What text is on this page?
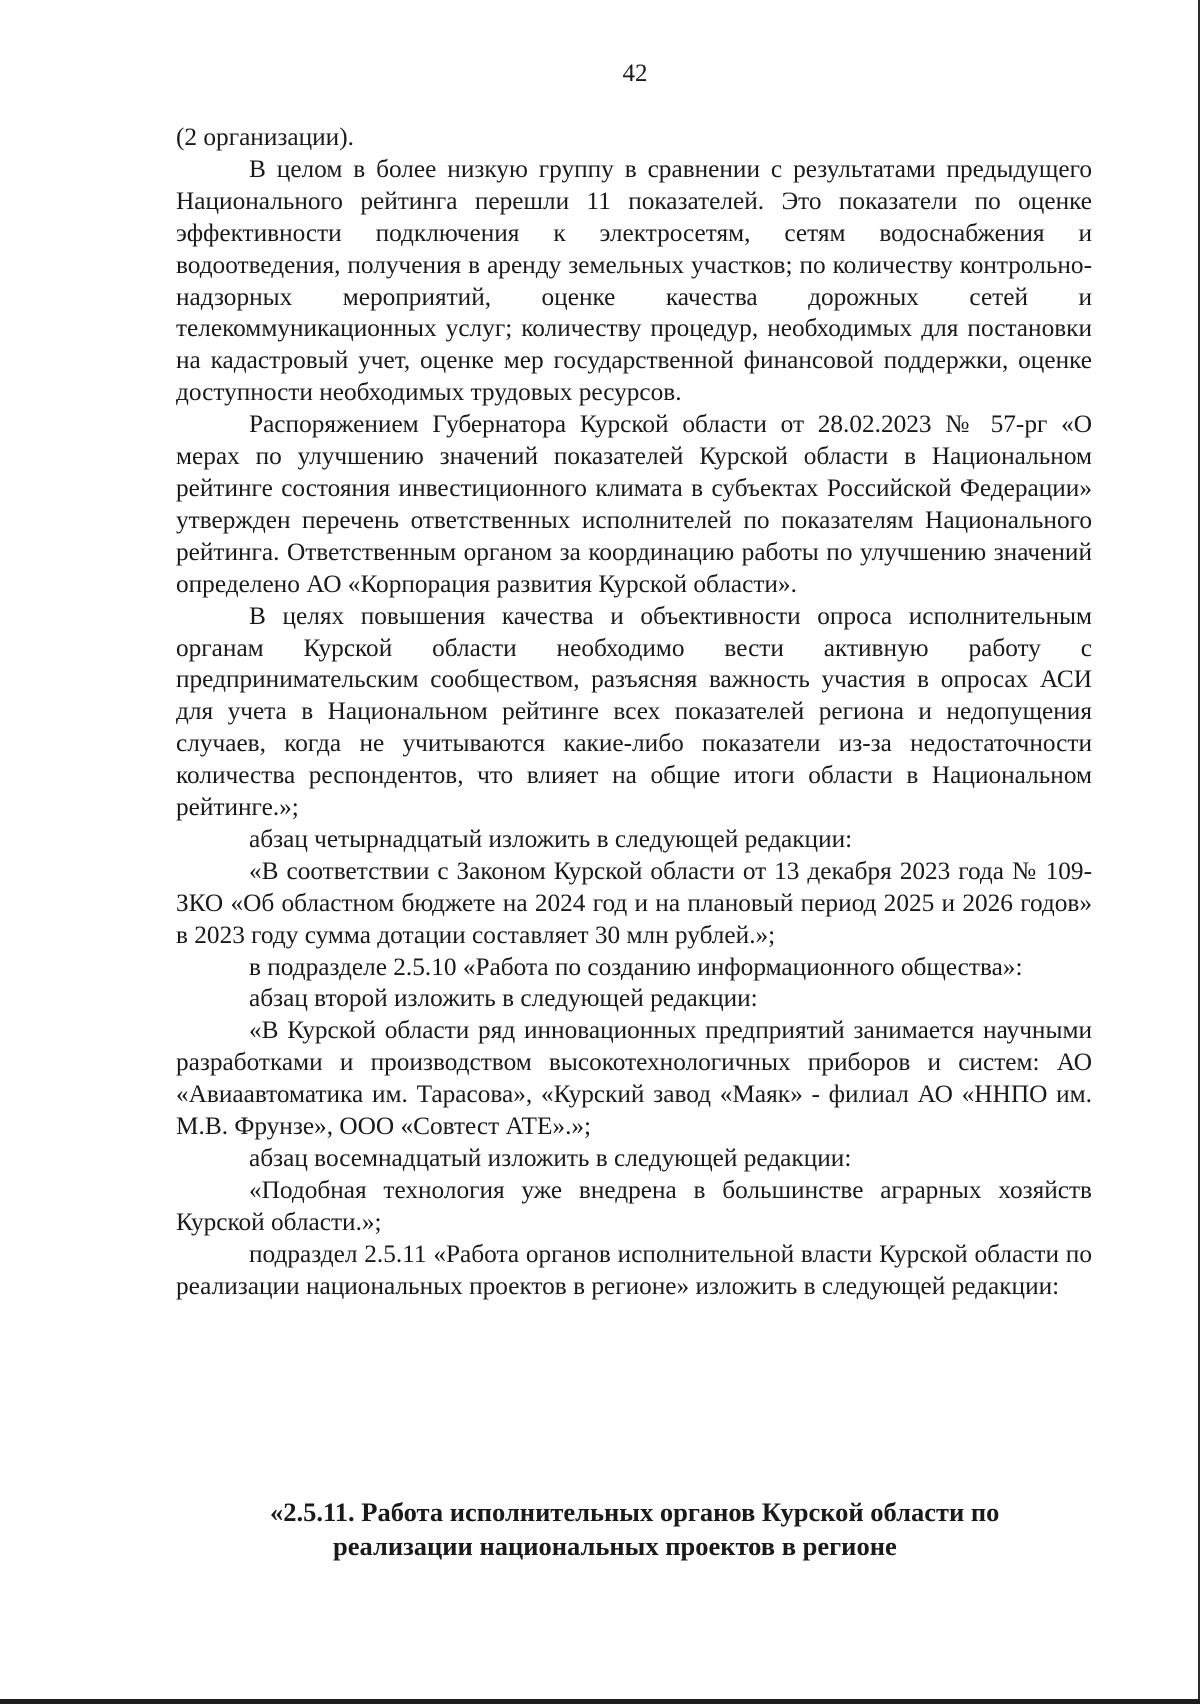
42

(2 организации).

В целом в более низкую группу в сравнении с результатами предыдущего Национального рейтинга перешли 11 показателей. Это показатели по оценке эффективности подключения к электросетям, сетям водоснабжения и водоотведения, получения в аренду земельных участков; по количеству контрольно-надзорных мероприятий, оценке качества дорожных сетей и телекоммуникационных услуг; количеству процедур, необходимых для постановки на кадастровый учет, оценке мер государственной финансовой поддержки, оценке доступности необходимых трудовых ресурсов.

Распоряжением Губернатора Курской области от 28.02.2023 № 57-рг «О мерах по улучшению значений показателей Курской области в Национальном рейтинге состояния инвестиционного климата в субъектах Российской Федерации» утвержден перечень ответственных исполнителей по показателям Национального рейтинга. Ответственным органом за координацию работы по улучшению значений определено АО «Корпорация развития Курской области».

В целях повышения качества и объективности опроса исполнительным органам Курской области необходимо вести активную работу с предпринимательским сообществом, разъясняя важность участия в опросах АСИ для учета в Национальном рейтинге всех показателей региона и недопущения случаев, когда не учитываются какие-либо показатели из-за недостаточности количества респондентов, что влияет на общие итоги области в Национальном рейтинге.»;

абзац четырнадцатый изложить в следующей редакции:

«В соответствии с Законом Курской области от 13 декабря 2023 года № 109-ЗКО «Об областном бюджете на 2024 год и на плановый период 2025 и 2026 годов» в 2023 году сумма дотации составляет 30 млн рублей.»;

в подразделе 2.5.10 «Работа по созданию информационного общества»:

абзац второй изложить в следующей редакции:

«В Курской области ряд инновационных предприятий занимается научными разработками и производством высокотехнологичных приборов и систем: АО «Авиаавтоматика им. Тарасова», «Курский завод «Маяк» - филиал АО «ННПО им. М.В. Фрунзе», ООО «Совтест АТЕ».»;

абзац восемнадцатый изложить в следующей редакции:

«Подобная технология уже внедрена в большинстве аграрных хозяйств Курской области.»;

подраздел 2.5.11 «Работа органов исполнительной власти Курской области по реализации национальных проектов в регионе» изложить в следующей редакции:

«2.5.11. Работа исполнительных органов Курской области по
реализации национальных проектов в регионе
